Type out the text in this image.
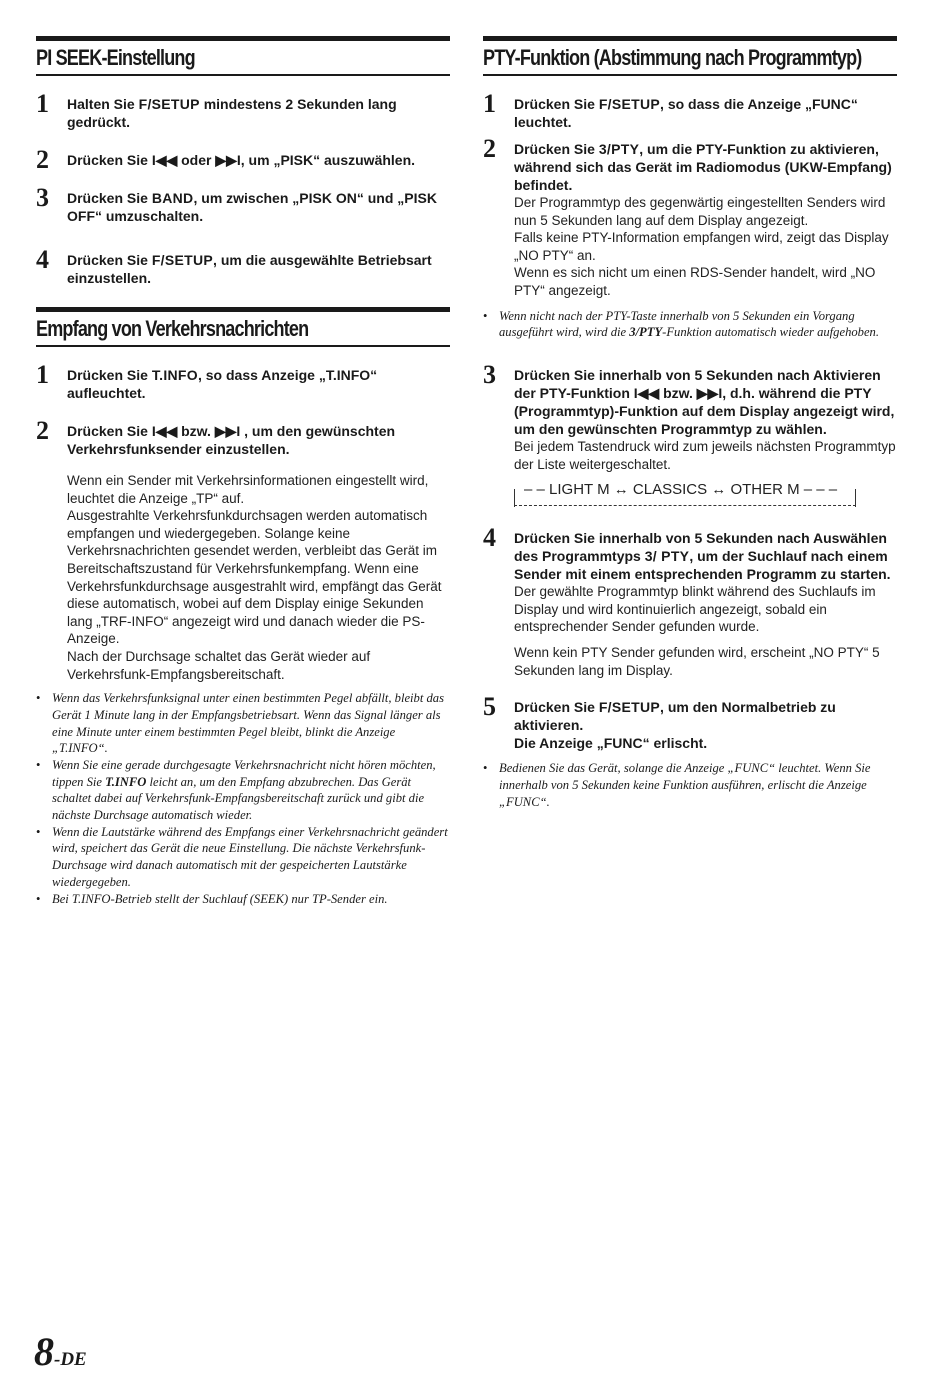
PI SEEK-Einstellung
1 Halten Sie F/SETUP mindestens 2 Sekunden lang gedrückt.
2 Drücken Sie I◀◀ oder ▶▶I, um „PISK“ auszuwählen.
3 Drücken Sie BAND, um zwischen „PISK ON“ und „PISK OFF“ umzuschalten.
4 Drücken Sie F/SETUP, um die ausgewählte Betriebsart einzustellen.
Empfang von Verkehrsnachrichten
1 Drücken Sie T.INFO, so dass Anzeige „T.INFO“ aufleuchtet.
2 Drücken Sie I◀◀ bzw. ▶▶I , um den gewünschten Verkehrsfunksender einzustellen.
Wenn ein Sender mit Verkehrsinformationen eingestellt wird, leuchtet die Anzeige „TP“ auf.
Ausgestrahlte Verkehrsfunkdurchsagen werden automatisch empfangen und wiedergegeben. Solange keine Verkehrsnachrichten gesendet werden, verbleibt das Gerät im Bereitschaftszustand für Verkehrsfunkempfang. Wenn eine Verkehrsfunkdurchsage ausgestrahlt wird, empfängt das Gerät diese automatisch, wobei auf dem Display einige Sekunden lang „TRF-INFO“ angezeigt wird und danach wieder die PS-Anzeige.
Nach der Durchsage schaltet das Gerät wieder auf Verkehrsfunk-Empfangsbereitschaft.
• Wenn das Verkehrsfunksignal unter einen bestimmten Pegel abfällt, bleibt das Gerät 1 Minute lang in der Empfangsbetriebsart. Wenn das Signal länger als eine Minute unter einem bestimmten Pegel bleibt, blinkt die Anzeige „T.INFO“.
• Wenn Sie eine gerade durchgesagte Verkehrsnachricht nicht hören möchten, tippen Sie T.INFO leicht an, um den Empfang abzubrechen. Das Gerät schaltet dabei auf Verkehrsfunk-Empfangsbereitschaft zurück und gibt die nächste Durchsage automatisch wieder.
• Wenn die Lautstärke während des Empfangs einer Verkehrsnachricht geändert wird, speichert das Gerät die neue Einstellung. Die nächste Verkehrsfunk-Durchsage wird danach automatisch mit der gespeicherten Lautstärke wiedergegeben.
• Bei T.INFO-Betrieb stellt der Suchlauf (SEEK) nur TP-Sender ein.
PTY-Funktion (Abstimmung nach Programmtyp)
1 Drücken Sie F/SETUP, so dass die Anzeige „FUNC“ leuchtet.
2 Drücken Sie 3/PTY, um die PTY-Funktion zu aktivieren, während sich das Gerät im Radiomodus (UKW-Empfang) befindet.
Der Programmtyp des gegenwärtig eingestellten Senders wird nun 5 Sekunden lang auf dem Display angezeigt.
Falls keine PTY-Information empfangen wird, zeigt das Display „NO PTY“ an.
Wenn es sich nicht um einen RDS-Sender handelt, wird „NO PTY“ angezeigt.
• Wenn nicht nach der PTY-Taste innerhalb von 5 Sekunden ein Vorgang ausgeführt wird, wird die 3/PTY-Funktion automatisch wieder aufgehoben.
3 Drücken Sie innerhalb von 5 Sekunden nach Aktivieren der PTY-Funktion I◀◀ bzw. ▶▶I, d.h. während die PTY (Programmtyp)-Funktion auf dem Display angezeigt wird, um den gewünschten Programmtyp zu wählen.
Bei jedem Tastendruck wird zum jeweils nächsten Programmtyp der Liste weitergeschaltet.
– – LIGHT M ↔ CLASSICS ↔ OTHER M – – –
4 Drücken Sie innerhalb von 5 Sekunden nach Auswählen des Programmtyps 3/ PTY, um der Suchlauf nach einem Sender mit einem entsprechenden Programm zu starten.
Der gewählte Programmtyp blinkt während des Suchlaufs im Display und wird kontinuierlich angezeigt, sobald ein entsprechender Sender gefunden wurde.
Wenn kein PTY Sender gefunden wird, erscheint „NO PTY“ 5 Sekunden lang im Display.
5 Drücken Sie F/SETUP, um den Normalbetrieb zu aktivieren.
Die Anzeige „FUNC“ erlischt.
• Bedienen Sie das Gerät, solange die Anzeige „FUNC“ leuchtet. Wenn Sie innerhalb von 5 Sekunden keine Funktion ausführen, erlischt die Anzeige „FUNC“.
8-DE
